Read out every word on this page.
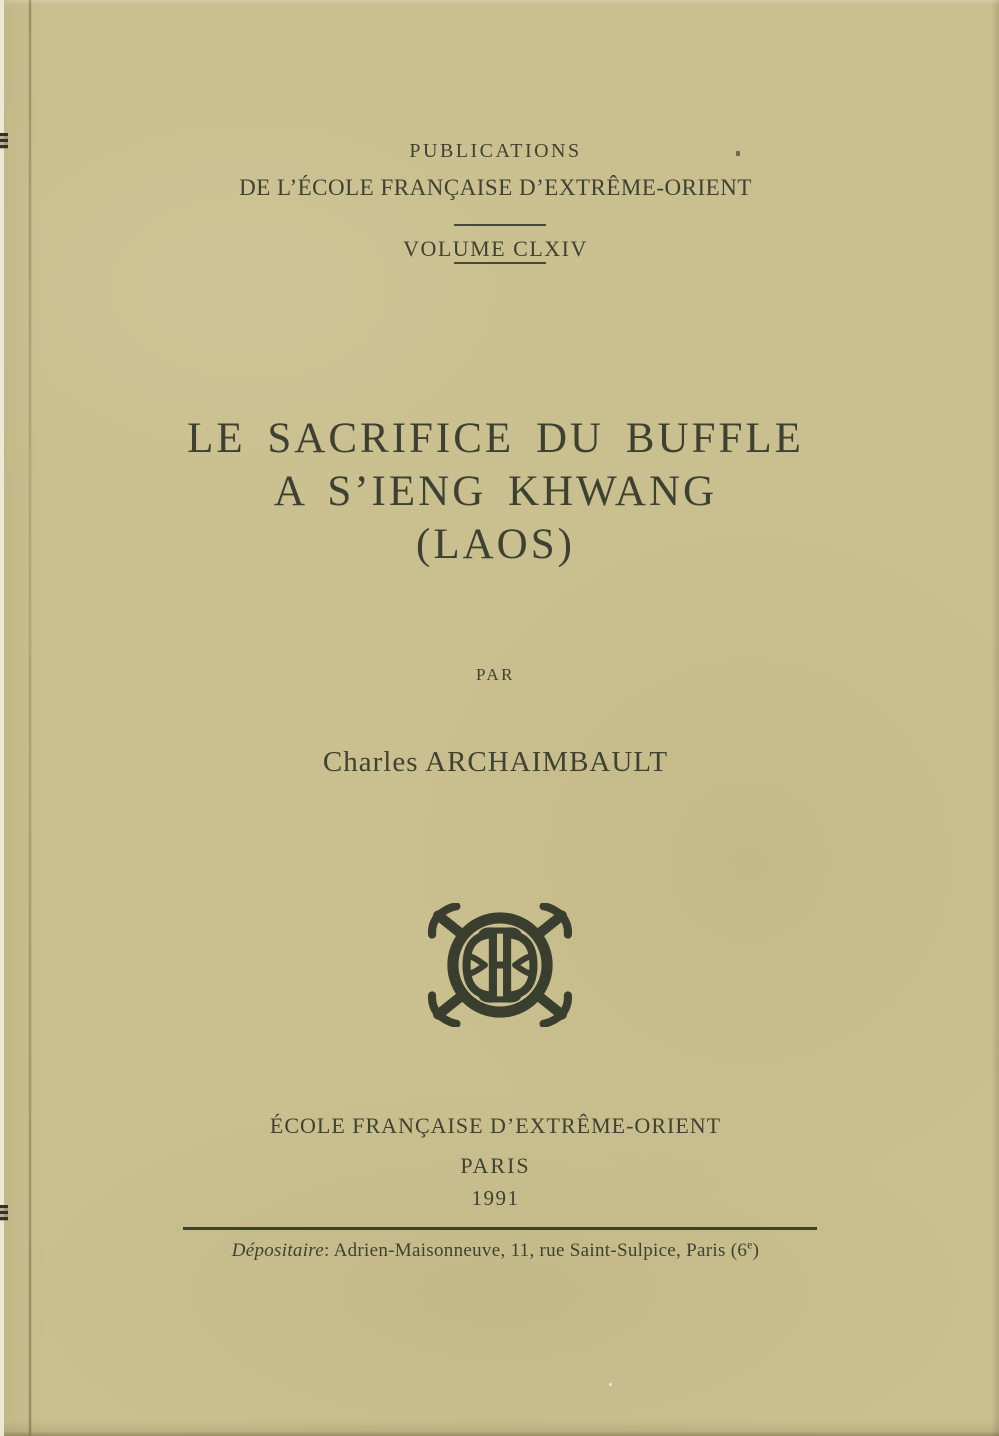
PUBLICATIONS
DE L’ÉCOLE FRANÇAISE D’EXTRÊME-ORIENT
VOLUME CLXIV
LE SACRIFICE DU BUFFLE
A S’IENG KHWANG
(LAOS)
PAR
Charles ARCHAIMBAULT
ÉCOLE FRANÇAISE D’EXTRÊME-ORIENT
PARIS
1991
Dépositaire: Adrien-Maisonneuve, 11, rue Saint-Sulpice, Paris (6e)
